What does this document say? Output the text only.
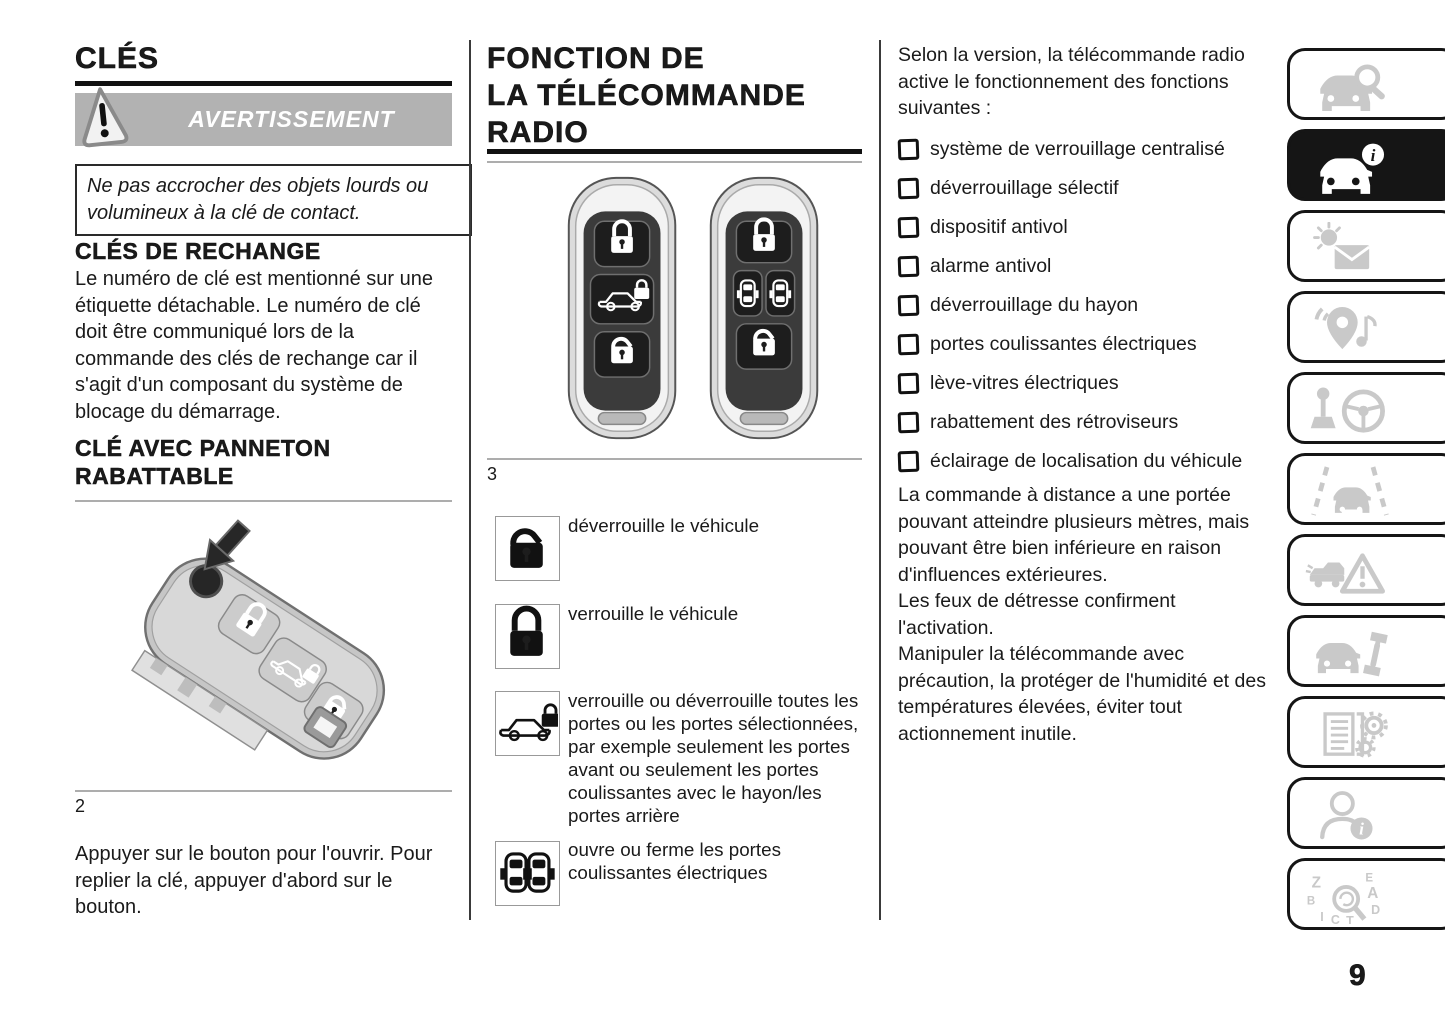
CLÉS
AVERTISSEMENT

Ne pas accrocher des objets lourds ou volumineux à la clé de contact.

CLÉS DE RECHANGE

Le numéro de clé est mentionné sur une étiquette détachable. Le numéro de clé doit être communiqué lors de la commande des clés de rechange car il s'agit d'un composant du système de blocage du démarrage.

CLÉ AVEC PANNETON
RABATTABLE
2

Appuyer sur le bouton pour l'ouvrir. Pour replier la clé, appuyer d'abord sur le bouton.

FONCTION DE
LA TÉLÉCOMMANDE
RADIO
3

déverrouille le véhicule

verrouille le véhicule

verrouille ou déverrouille toutes les portes ou les portes sélectionnées, par exemple seulement les portes avant ou seulement les portes coulissantes avec le hayon/les portes arrière

ouvre ou ferme les portes coulissantes électriques

Selon la version, la télécommande radio active le fonctionnement des fonctions suivantes :

système de verrouillage centralisé
déverrouillage sélectif
dispositif antivol
alarme antivol
déverrouillage du hayon
portes coulissantes électriques
lève-vitres électriques
rabattement des rétroviseurs
éclairage de localisation du véhicule

La commande à distance a une portée pouvant atteindre plusieurs mètres, mais pouvant être bien inférieure en raison d'influences extérieures.

Les feux de détresse confirment l'activation.

Manipuler la télécommande avec précaution, la protéger de l'humidité et des températures élevées, éviter tout actionnement inutile.

i
i
Z	E
B	A
I C T
D
9
